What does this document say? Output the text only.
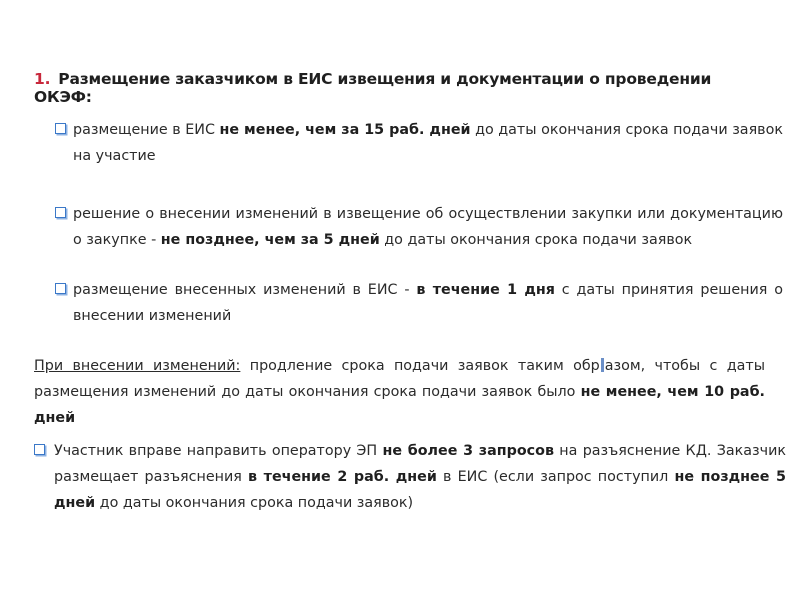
1. Размещение заказчиком в ЕИС извещения и документации о проведении ОКЭФ:
размещение в ЕИС не менее, чем за 15 раб. дней до даты окончания срока подачи заявок на участие
решение о внесении изменений в извещение об осуществлении закупки или документацию о закупке - не позднее, чем за 5 дней до даты окончания срока подачи заявок
размещение внесенных изменений в ЕИС - в течение 1 дня с даты принятия решения о внесении изменений
При внесении изменений: продление срока подачи заявок таким обр азом, чтобы с даты размещения изменений до даты окончания срока подачи заявок было не менее, чем 10 раб. дней
Участник вправе направить оператору ЭП не более 3 запросов на разъяснение КД. Заказчик размещает разъяснения в течение 2 раб. дней в ЕИС (если запрос поступил не позднее 5 дней до даты окончания срока подачи заявок)
